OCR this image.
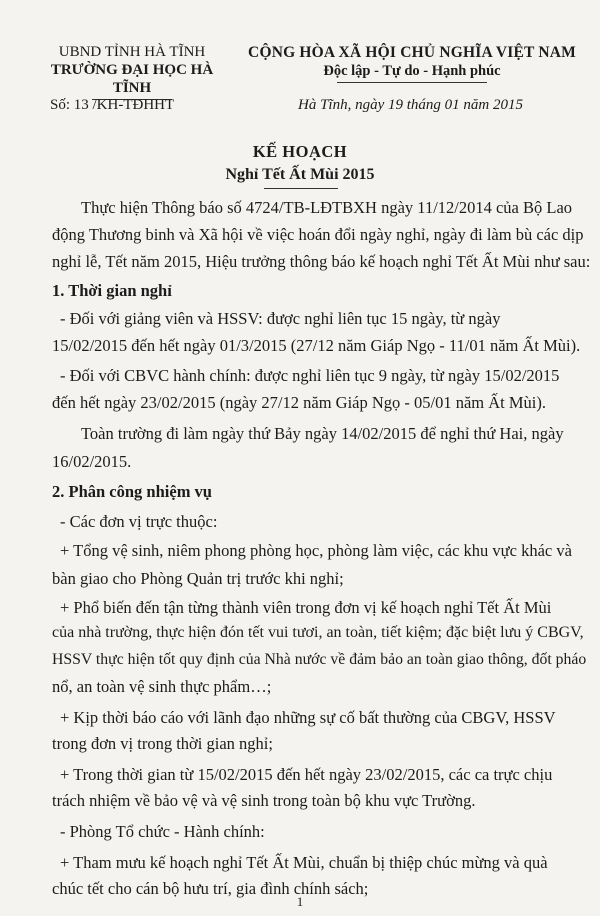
UBND TỈNH HÀ TĨNH
TRƯỜNG ĐẠI HỌC HÀ TĨNH
CỘNG HÒA XÃ HỘI CHỦ NGHĨA VIỆT NAM
Độc lập - Tự do - Hạnh phúc
Số: 13 /KH-TĐHHT	Hà Tĩnh, ngày 19 tháng 01 năm 2015
KẾ HOẠCH
Nghỉ Tết Ất Mùi 2015
Thực hiện Thông báo số 4724/TB-LĐTBXH ngày 11/12/2014 của Bộ Lao
động Thương binh và Xã hội về việc hoán đổi ngày nghỉ, ngày đi làm bù các dịp
nghỉ lễ, Tết năm 2015, Hiệu trưởng thông báo kế hoạch nghỉ Tết Ất Mùi như sau:
1. Thời gian nghỉ
- Đối với giảng viên và HSSV: được nghỉ liên tục 15 ngày, từ ngày
15/02/2015 đến hết ngày 01/3/2015 (27/12 năm Giáp Ngọ - 11/01 năm Ất Mùi).
- Đối với CBVC hành chính: được nghỉ liên tục 9 ngày, từ ngày 15/02/2015
đến hết ngày 23/02/2015 (ngày 27/12 năm Giáp Ngọ - 05/01 năm Ất Mùi).
Toàn trường đi làm ngày thứ Bảy ngày 14/02/2015 để nghỉ thứ Hai, ngày
16/02/2015.
2. Phân công nhiệm vụ
- Các đơn vị trực thuộc:
+ Tổng vệ sinh, niêm phong phòng học, phòng làm việc, các khu vực khác và
bàn giao cho Phòng Quản trị trước khi nghỉ;
+ Phổ biến đến tận từng thành viên trong đơn vị kế hoạch nghỉ Tết Ất Mùi
của nhà trường, thực hiện đón tết vui tươi, an toàn, tiết kiệm; đặc biệt lưu ý CBGV,
HSSV thực hiện tốt quy định của Nhà nước về đảm bảo an toàn giao thông, đốt pháo
nổ, an toàn vệ sinh thực phẩm…;
+ Kịp thời báo cáo với lãnh đạo những sự cố bất thường của CBGV, HSSV
trong đơn vị trong thời gian nghỉ;
+ Trong thời gian từ 15/02/2015 đến hết ngày 23/02/2015, các ca trực chịu
trách nhiệm về bảo vệ và vệ sinh trong toàn bộ khu vực Trường.
- Phòng Tổ chức - Hành chính:
+ Tham mưu kế hoạch nghỉ Tết Ất Mùi, chuẩn bị thiệp chúc mừng và quà
chúc tết cho cán bộ hưu trí, gia đình chính sách;
1
